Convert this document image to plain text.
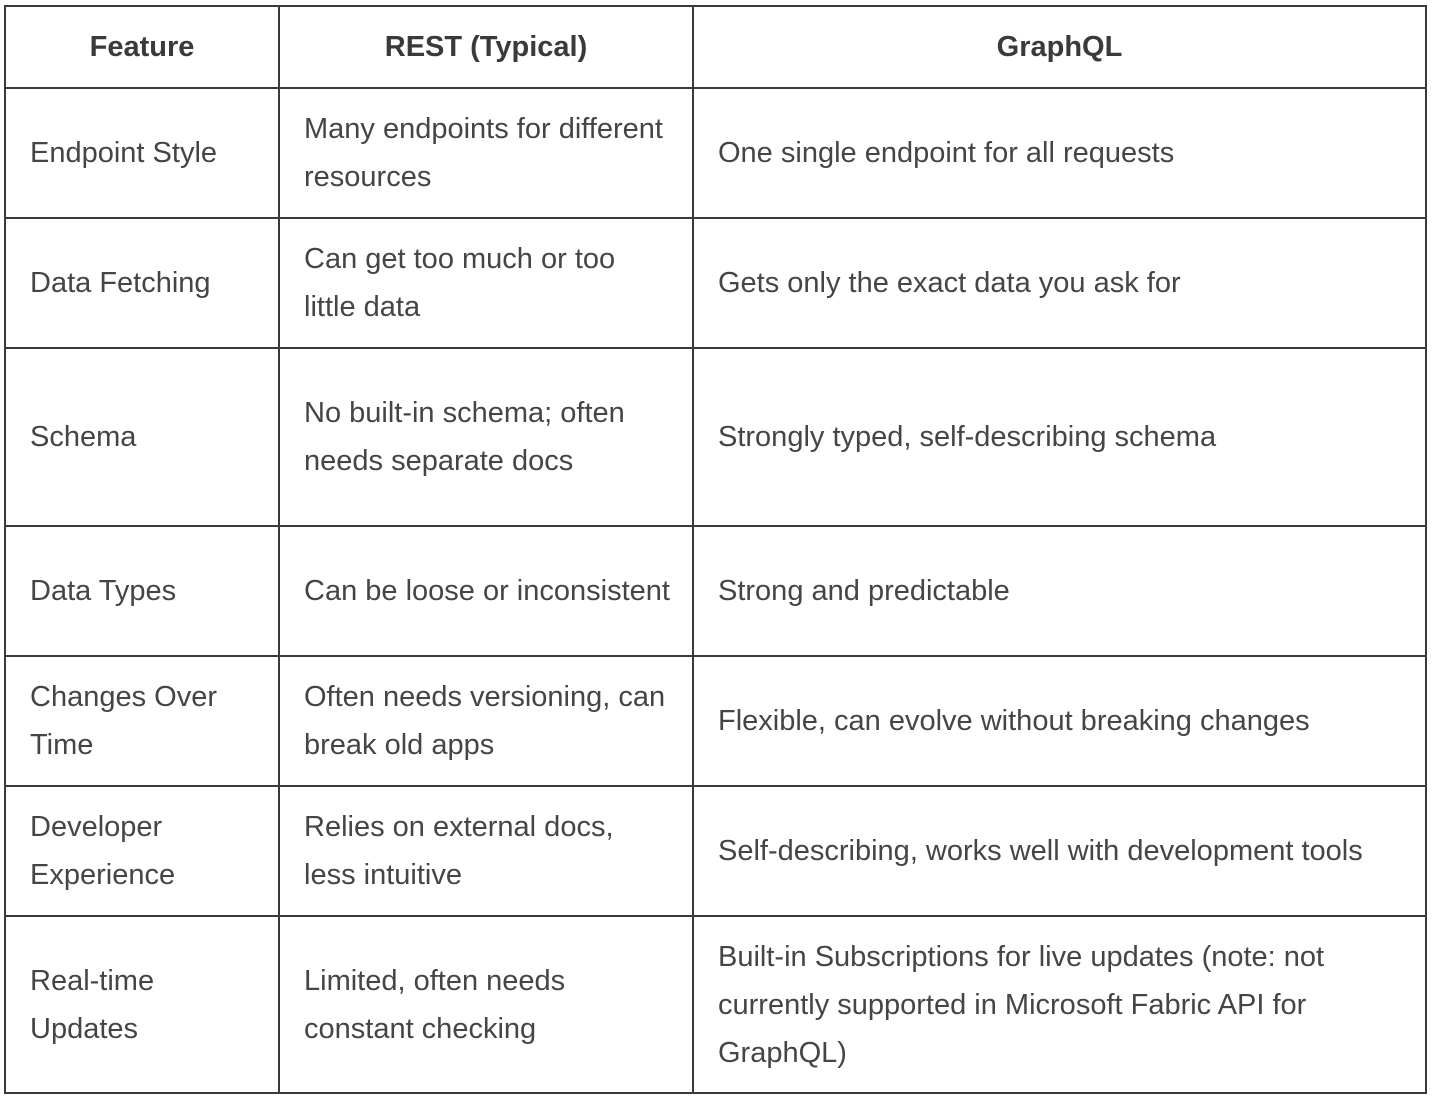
Feature	REST (Typical)	GraphQL
Endpoint Style	Many endpoints for different resources	One single endpoint for all requests
Data Fetching	Can get too much or too little data	Gets only the exact data you ask for
Schema	No built-in schema; often needs separate docs	Strongly typed, self-describing schema
Data Types	Can be loose or inconsistent	Strong and predictable
Changes Over Time	Often needs versioning, can break old apps	Flexible, can evolve without breaking changes
Developer Experience	Relies on external docs, less intuitive	Self-describing, works well with development tools
Real-time Updates	Limited, often needs constant checking	Built-in Subscriptions for live updates (note: not currently supported in Microsoft Fabric API for GraphQL)
